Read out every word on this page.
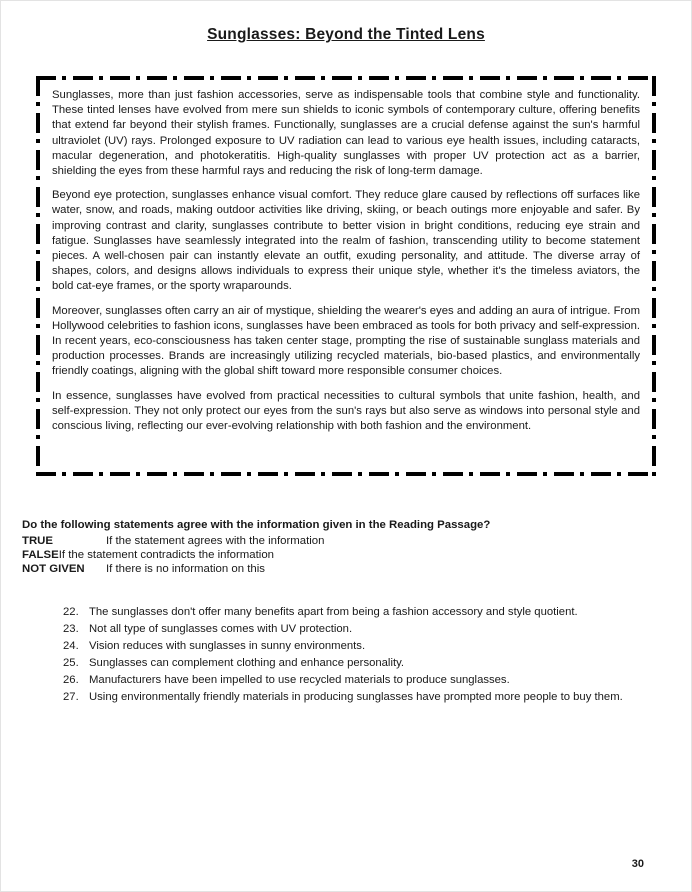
Sunglasses: Beyond the Tinted Lens

Sunglasses, more than just fashion accessories, serve as indispensable tools that combine style and functionality. These tinted lenses have evolved from mere sun shields to iconic symbols of contemporary culture, offering benefits that extend far beyond their stylish frames. Functionally, sunglasses are a crucial defense against the sun's harmful ultraviolet (UV) rays. Prolonged exposure to UV radiation can lead to various eye health issues, including cataracts, macular degeneration, and photokeratitis. High-quality sunglasses with proper UV protection act as a barrier, shielding the eyes from these harmful rays and reducing the risk of long-term damage.

Beyond eye protection, sunglasses enhance visual comfort. They reduce glare caused by reflections off surfaces like water, snow, and roads, making outdoor activities like driving, skiing, or beach outings more enjoyable and safer. By improving contrast and clarity, sunglasses contribute to better vision in bright conditions, reducing eye strain and fatigue. Sunglasses have seamlessly integrated into the realm of fashion, transcending utility to become statement pieces. A well-chosen pair can instantly elevate an outfit, exuding personality, and attitude. The diverse array of shapes, colors, and designs allows individuals to express their unique style, whether it's the timeless aviators, the bold cat-eye frames, or the sporty wraparounds.

Moreover, sunglasses often carry an air of mystique, shielding the wearer's eyes and adding an aura of intrigue. From Hollywood celebrities to fashion icons, sunglasses have been embraced as tools for both privacy and self-expression. In recent years, eco-consciousness has taken center stage, prompting the rise of sustainable sunglass materials and production processes. Brands are increasingly utilizing recycled materials, bio-based plastics, and environmentally friendly coatings, aligning with the global shift toward more responsible consumer choices.

In essence, sunglasses have evolved from practical necessities to cultural symbols that unite fashion, health, and self-expression. They not only protect our eyes from the sun's rays but also serve as windows into personal style and conscious living, reflecting our ever-evolving relationship with both fashion and the environment.

Do the following statements agree with the information given in the Reading Passage?
TRUE	If the statement agrees with the information
FALSE If the statement contradicts the information
NOT GIVEN	If there is no information on this
22. The sunglasses don't offer many benefits apart from being a fashion accessory and style quotient.
23. Not all type of sunglasses comes with UV protection.
24. Vision reduces with sunglasses in sunny environments.
25. Sunglasses can complement clothing and enhance personality.
26. Manufacturers have been impelled to use recycled materials to produce sunglasses.
27. Using environmentally friendly materials in producing sunglasses have prompted more people to buy them.
30
